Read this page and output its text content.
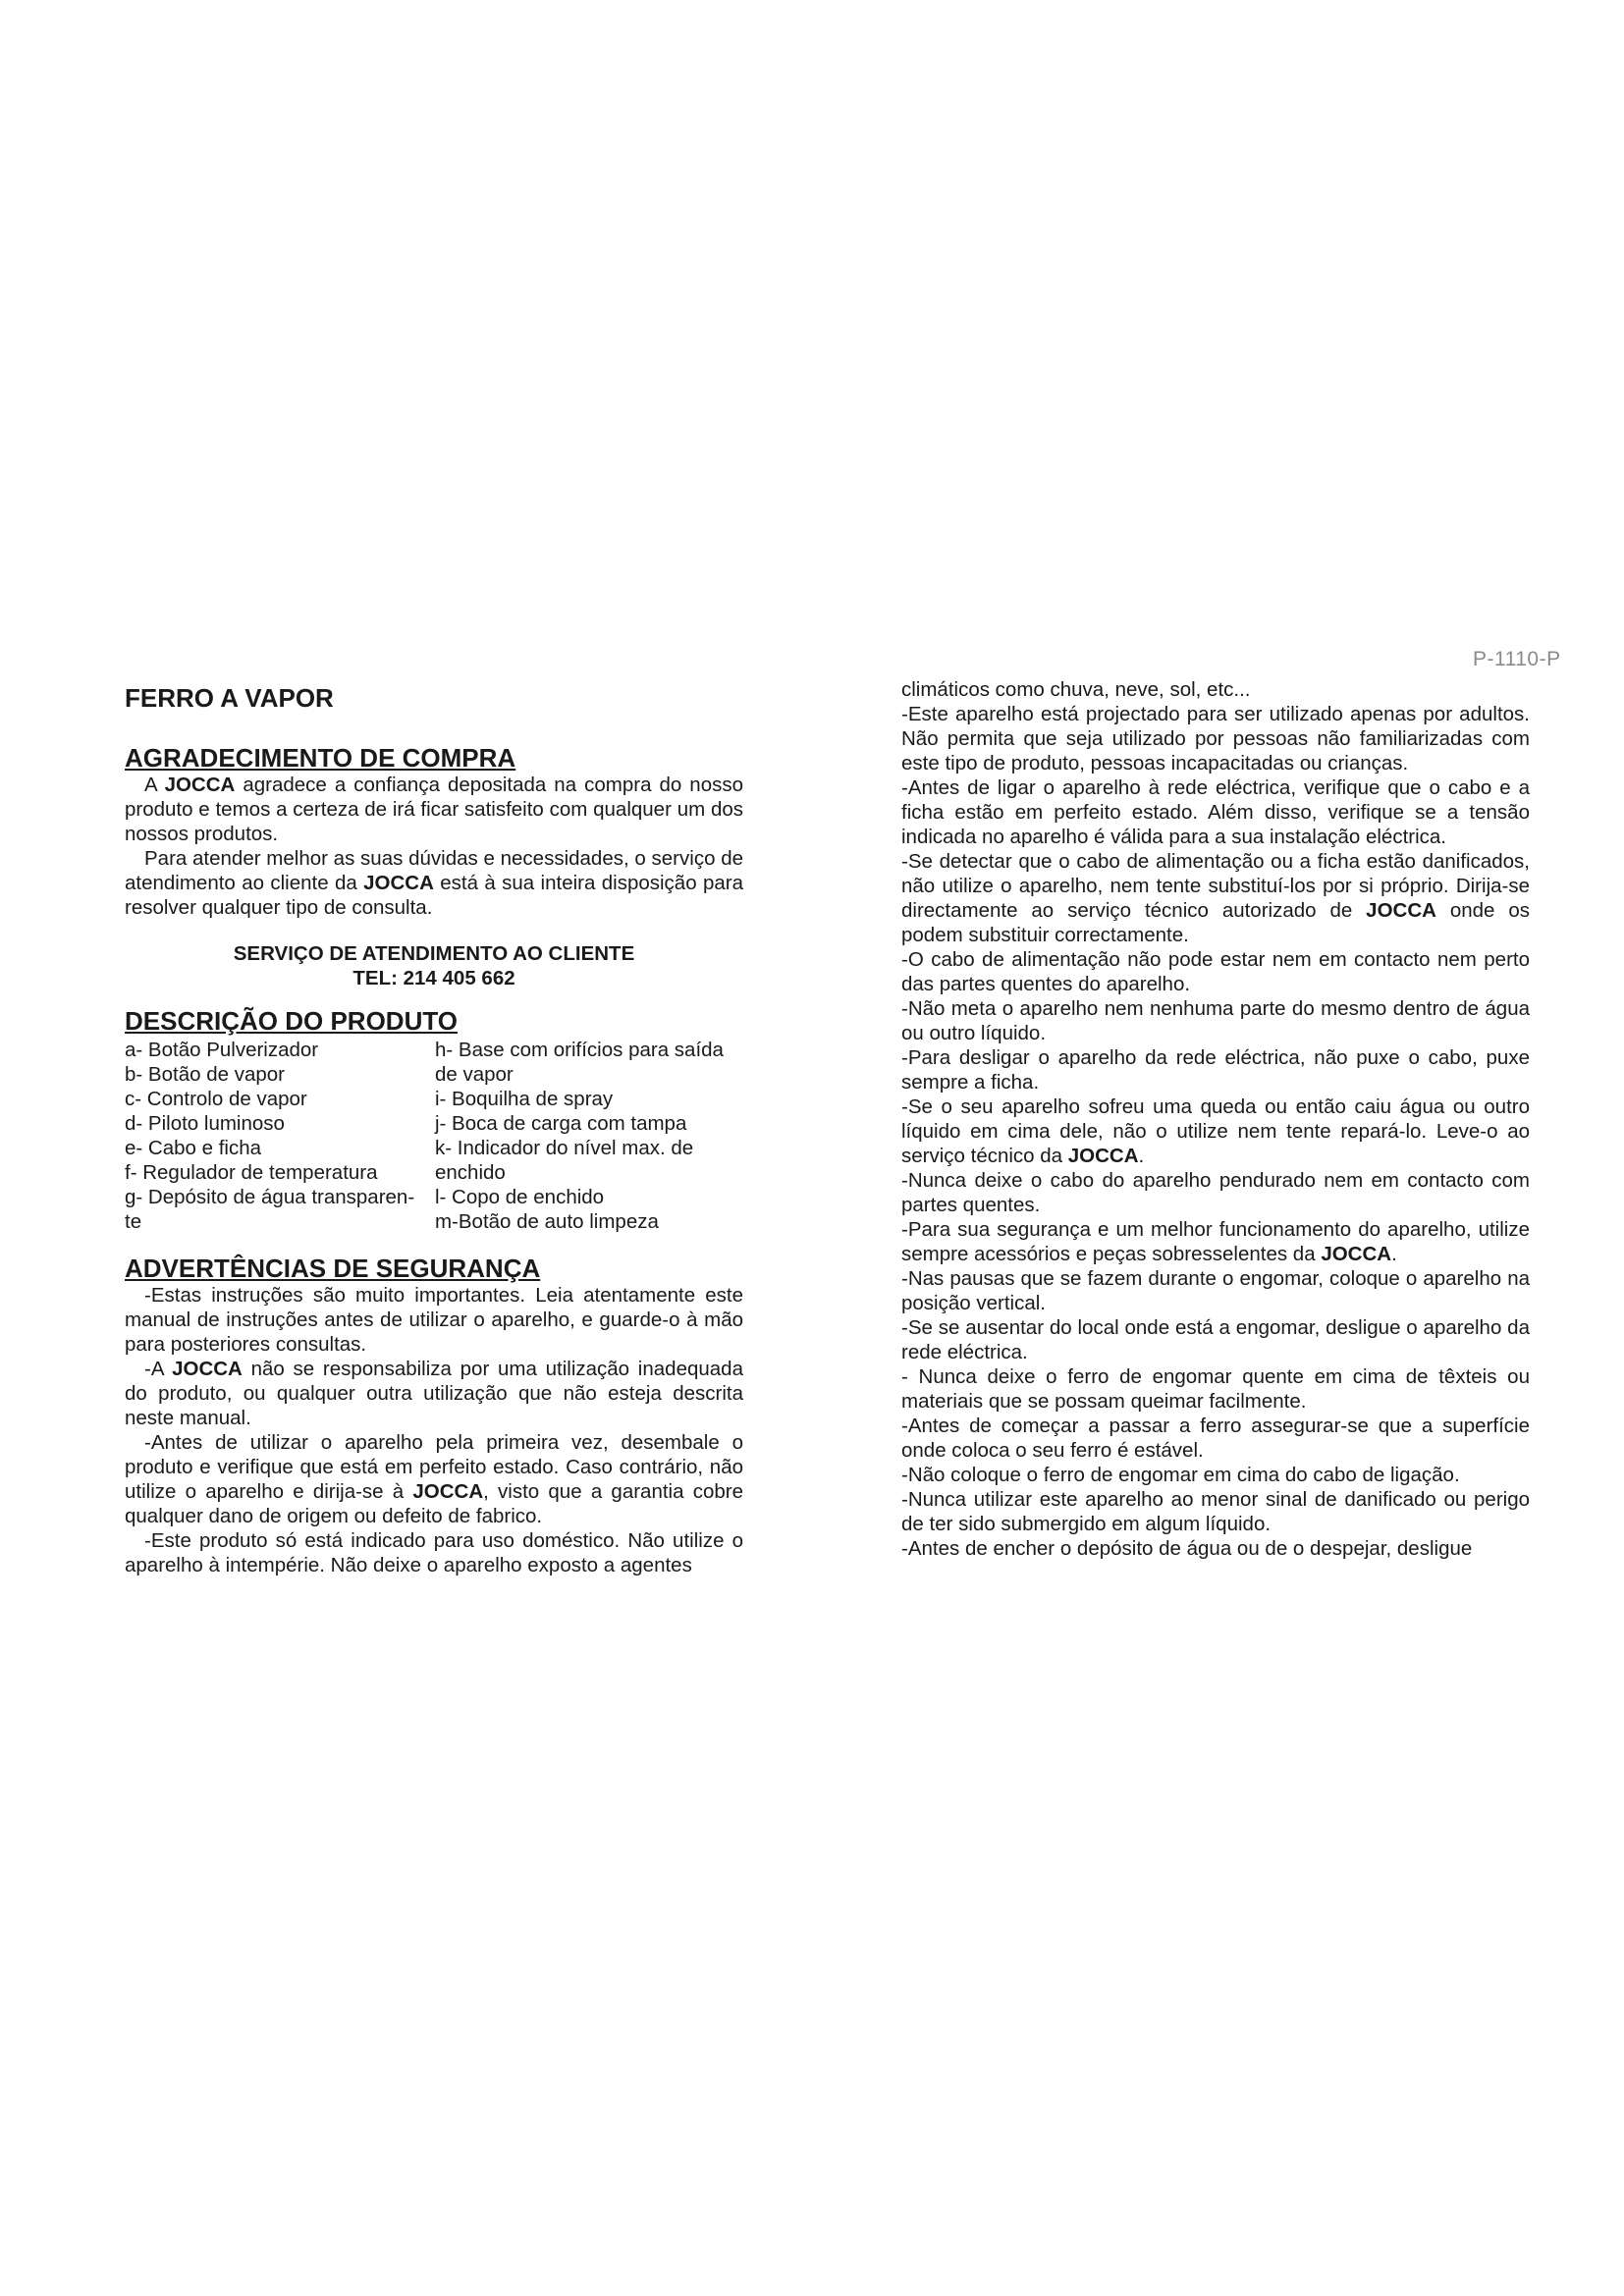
P-1110-P
FERRO A VAPOR
AGRADECIMENTO DE COMPRA

A JOCCA agradece a confiança depositada na compra do nosso produto e temos a certeza de irá ficar satisfeito com qualquer um dos nossos produtos.

Para atender melhor as suas dúvidas e necessidades, o serviço de atendimento ao cliente da JOCCA está à sua inteira disposição para resolver qualquer tipo de consulta.

SERVIÇO DE ATENDIMENTO AO CLIENTE

TEL: 214 405 662

DESCRIÇÃO DO PRODUTO
a- Botão Pulverizador
b- Botão de vapor
c- Controlo de vapor
d- Piloto luminoso
e- Cabo e ficha
f- Regulador de temperatura
g- Depósito de água transparen-
te
h- Base com orifícios para saída
de vapor
i- Boquilha de spray
j- Boca de carga com tampa
k- Indicador do nível max. de
enchido
l- Copo de enchido
m-Botão de auto limpeza
ADVERTÊNCIAS DE SEGURANÇA

-Estas instruções são muito importantes. Leia atentamente este manual de instruções antes de utilizar o aparelho, e guarde-o à mão para posteriores consultas.

-A JOCCA não se responsabiliza por uma utilização inadequada do produto, ou qualquer outra utilização que não esteja descrita neste manual.

-Antes de utilizar o aparelho pela primeira vez, desembale o produto e verifique que está em perfeito estado. Caso contrário, não utilize o aparelho e dirija-se à JOCCA, visto que a garantia cobre qualquer dano de origem ou defeito de fabrico.

-Este produto só está indicado para uso doméstico. Não utilize o aparelho à intempérie. Não deixe o aparelho exposto a agentes

climáticos como chuva, neve, sol, etc...

-Este aparelho está projectado para ser utilizado apenas por adultos. Não permita que seja utilizado por pessoas não familiarizadas com este tipo de produto, pessoas incapacitadas ou crianças.

-Antes de ligar o aparelho à rede eléctrica, verifique que o cabo e a ficha estão em perfeito estado. Além disso, verifique se a tensão indicada no aparelho é válida para a sua instalação eléctrica.

-Se detectar que o cabo de alimentação ou a ficha estão danificados, não utilize o aparelho, nem tente substituí-los por si próprio. Dirija-se directamente ao serviço técnico autorizado de JOCCA onde os podem substituir correctamente.

-O cabo de alimentação não pode estar nem em contacto nem perto das partes quentes do aparelho.

-Não meta o aparelho nem nenhuma parte do mesmo dentro de água ou outro líquido.

-Para desligar o aparelho da rede eléctrica, não puxe o cabo, puxe sempre a ficha.

-Se o seu aparelho sofreu uma queda ou então caiu água ou outro líquido em cima dele, não o utilize nem tente repará-lo. Leve-o ao serviço técnico da JOCCA.

-Nunca deixe o cabo do aparelho pendurado nem em contacto com partes quentes.

-Para sua segurança e um melhor funcionamento do aparelho, utilize sempre acessórios e peças sobresselentes da JOCCA.

-Nas pausas que se fazem durante o engomar, coloque o aparelho na posição vertical.

-Se se ausentar do local onde está a engomar, desligue o aparelho da rede eléctrica.

- Nunca deixe o ferro de engomar quente em cima de têxteis ou materiais que se possam queimar facilmente.

-Antes de começar a passar a ferro assegurar-se que a superfície onde coloca o seu ferro é estável.

-Não coloque o ferro de engomar em cima do cabo de ligação.

-Nunca utilizar este aparelho ao menor sinal de danificado ou perigo de ter sido submergido em algum líquido.

-Antes de encher o depósito de água ou de o despejar, desligue
